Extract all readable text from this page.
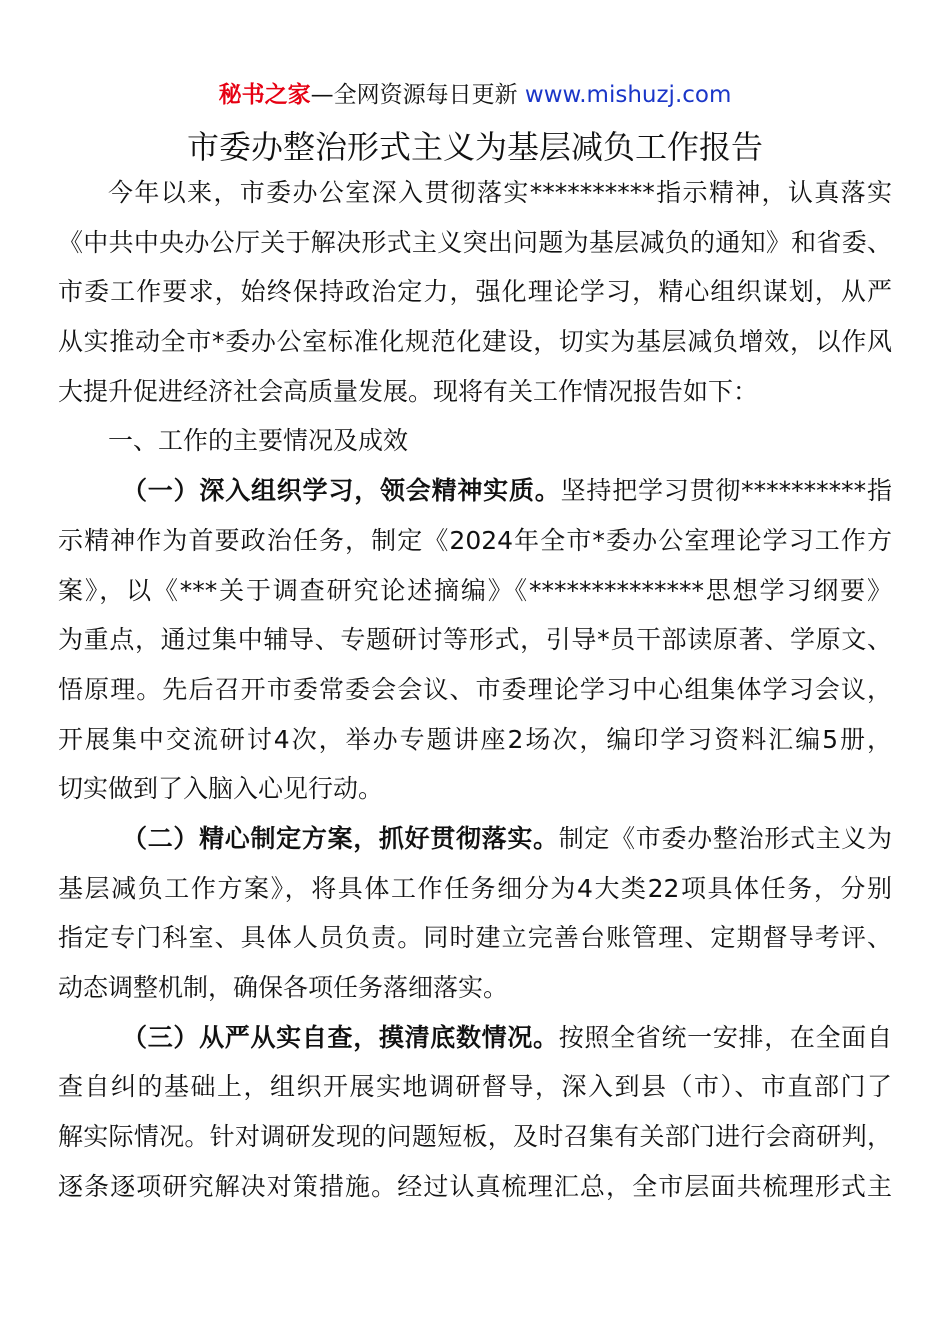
秘书之家—全网资源每日更新 www.mishuzj.com
市委办整治形式主义为基层减负工作报告
今年以来，市委办公室深入贯彻落实**********指示精神，认真落实
《中共中央办公厅关于解决形式主义突出问题为基层减负的通知》和省委、
市委工作要求，始终保持政治定力，强化理论学习，精心组织谋划，从严
从实推动全市*委办公室标准化规范化建设，切实为基层减负增效，以作风
大提升促进经济社会高质量发展。现将有关工作情况报告如下：
一、工作的主要情况及成效
（一）深入组织学习，领会精神实质。坚持把学习贯彻**********指
示精神作为首要政治任务，制定《2024年全市*委办公室理论学习工作方
案》，以《***关于调查研究论述摘编》《**************思想学习纲要》
为重点，通过集中辅导、专题研讨等形式，引导*员干部读原著、学原文、
悟原理。先后召开市委常委会会议、市委理论学习中心组集体学习会议，
开展集中交流研讨4次，举办专题讲座2场次，编印学习资料汇编5册，
切实做到了入脑入心见行动。
（二）精心制定方案，抓好贯彻落实。制定《市委办整治形式主义为
基层减负工作方案》，将具体工作任务细分为4大类22项具体任务，分别
指定专门科室、具体人员负责。同时建立完善台账管理、定期督导考评、
动态调整机制，确保各项任务落细落实。
（三）从严从实自查，摸清底数情况。按照全省统一安排，在全面自
查自纠的基础上，组织开展实地调研督导，深入到县（市）、市直部门了
解实际情况。针对调研发现的问题短板，及时召集有关部门进行会商研判，
逐条逐项研究解决对策措施。经过认真梳理汇总，全市层面共梳理形式主
